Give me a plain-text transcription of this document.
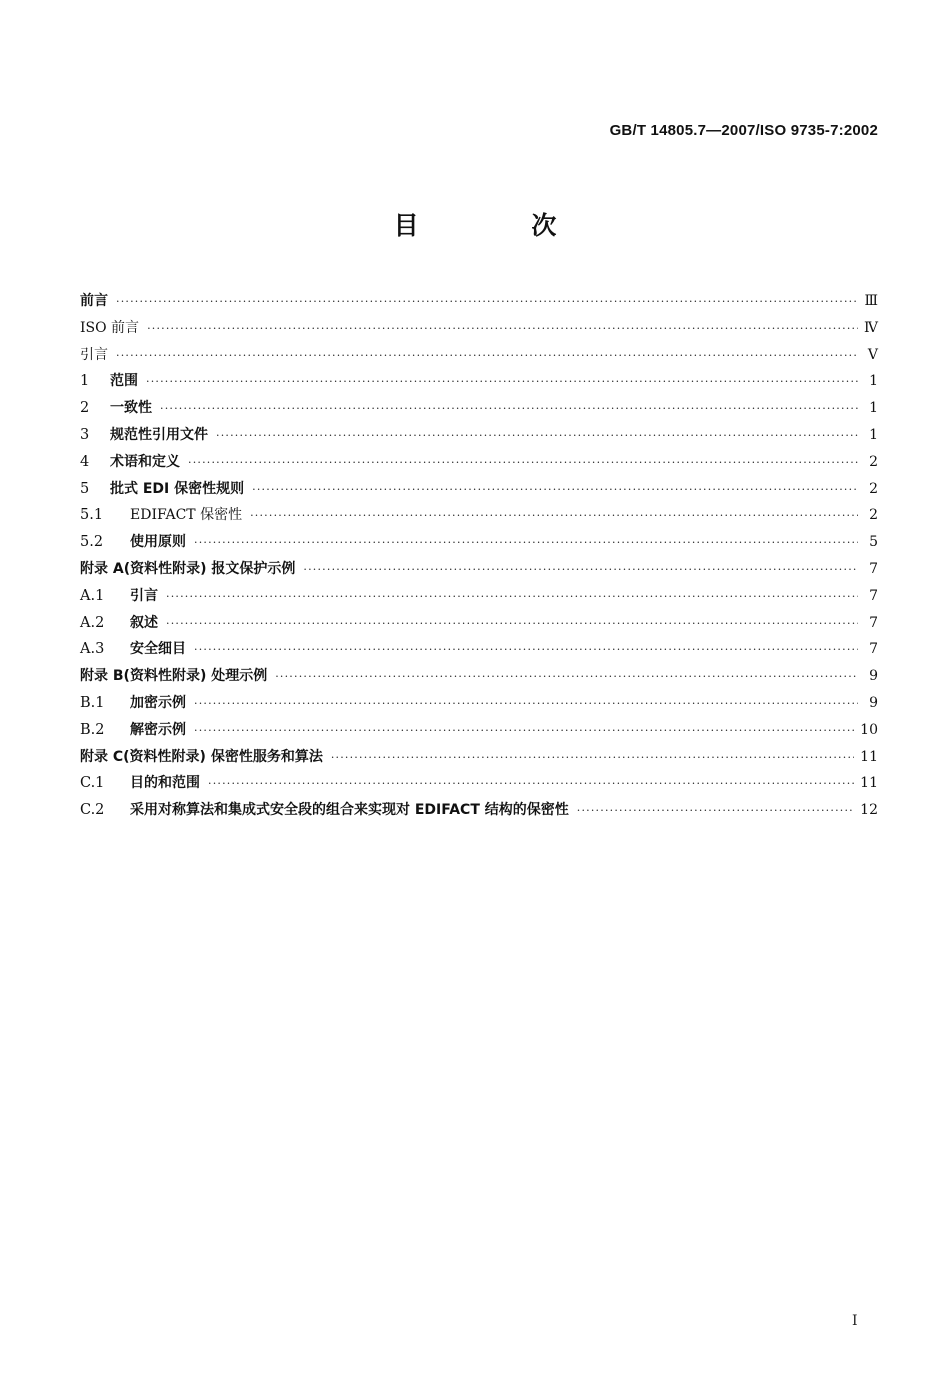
GB/T 14805.7—2007/ISO 9735-7:2002
目 次
前言 ·····	Ⅲ
ISO 前言 ·····	Ⅳ
引言 ·····	V
1	范围 ·····	1
2	一致性 ·····	1
3	规范性引用文件 ·····	1
4	术语和定义 ·····	2
5	批式 EDI 保密性规则 ·····	2
5.1	EDIFACT 保密性 ·····	2
5.2	使用原则 ·····	5
附录 A(资料性附录) 报文保护示例 ·····	7
A.1	引言 ·····	7
A.2	叙述 ·····	7
A.3	安全细目 ·····	7
附录 B(资料性附录) 处理示例 ·····	9
B.1	加密示例 ·····	9
B.2	解密示例 ·····	10
附录 C(资料性附录) 保密性服务和算法 ·····	11
C.1	目的和范围 ·····	11
C.2	采用对称算法和集成式安全段的组合来实现对 EDIFACT 结构的保密性 ·····	12
I
